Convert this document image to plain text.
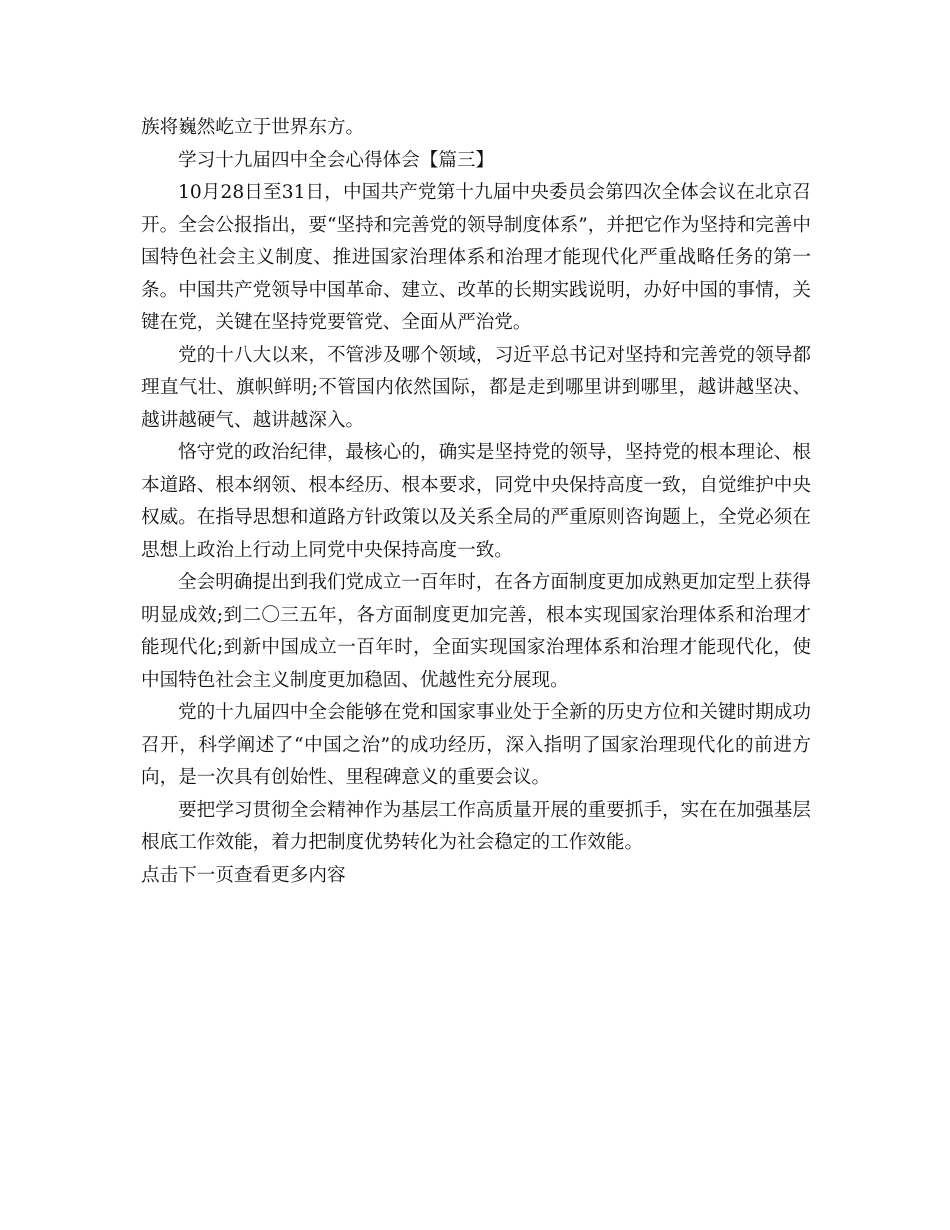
族将巍然屹立于世界东方。

学习十九届四中全会心得体会【篇三】

10月28日至31日，中国共产党第十九届中央委员会第四次全体会议在北京召开。全会公报指出，要“坚持和完善党的领导制度体系”，并把它作为坚持和完善中国特色社会主义制度、推进国家治理体系和治理才能现代化严重战略任务的第一条。中国共产党领导中国革命、建立、改革的长期实践说明，办好中国的事情，关键在党，关键在坚持党要管党、全面从严治党。

党的十八大以来，不管涉及哪个领域，习近平总书记对坚持和完善党的领导都理直气壮、旗帜鲜明;不管国内依然国际，都是走到哪里讲到哪里，越讲越坚决、越讲越硬气、越讲越深入。

恪守党的政治纪律，最核心的，确实是坚持党的领导，坚持党的根本理论、根本道路、根本纲领、根本经历、根本要求，同党中央保持高度一致，自觉维护中央权威。在指导思想和道路方针政策以及关系全局的严重原则咨询题上，全党必须在思想上政治上行动上同党中央保持高度一致。

全会明确提出到我们党成立一百年时，在各方面制度更加成熟更加定型上获得明显成效;到二〇三五年，各方面制度更加完善，根本实现国家治理体系和治理才能现代化;到新中国成立一百年时，全面实现国家治理体系和治理才能现代化，使中国特色社会主义制度更加稳固、优越性充分展现。

党的十九届四中全会能够在党和国家事业处于全新的历史方位和关键时期成功召开，科学阐述了“中国之治”的成功经历，深入指明了国家治理现代化的前进方向，是一次具有创始性、里程碑意义的重要会议。

要把学习贯彻全会精神作为基层工作高质量开展的重要抓手，实在在加强基层根底工作效能，着力把制度优势转化为社会稳定的工作效能。

点击下一页查看更多内容
